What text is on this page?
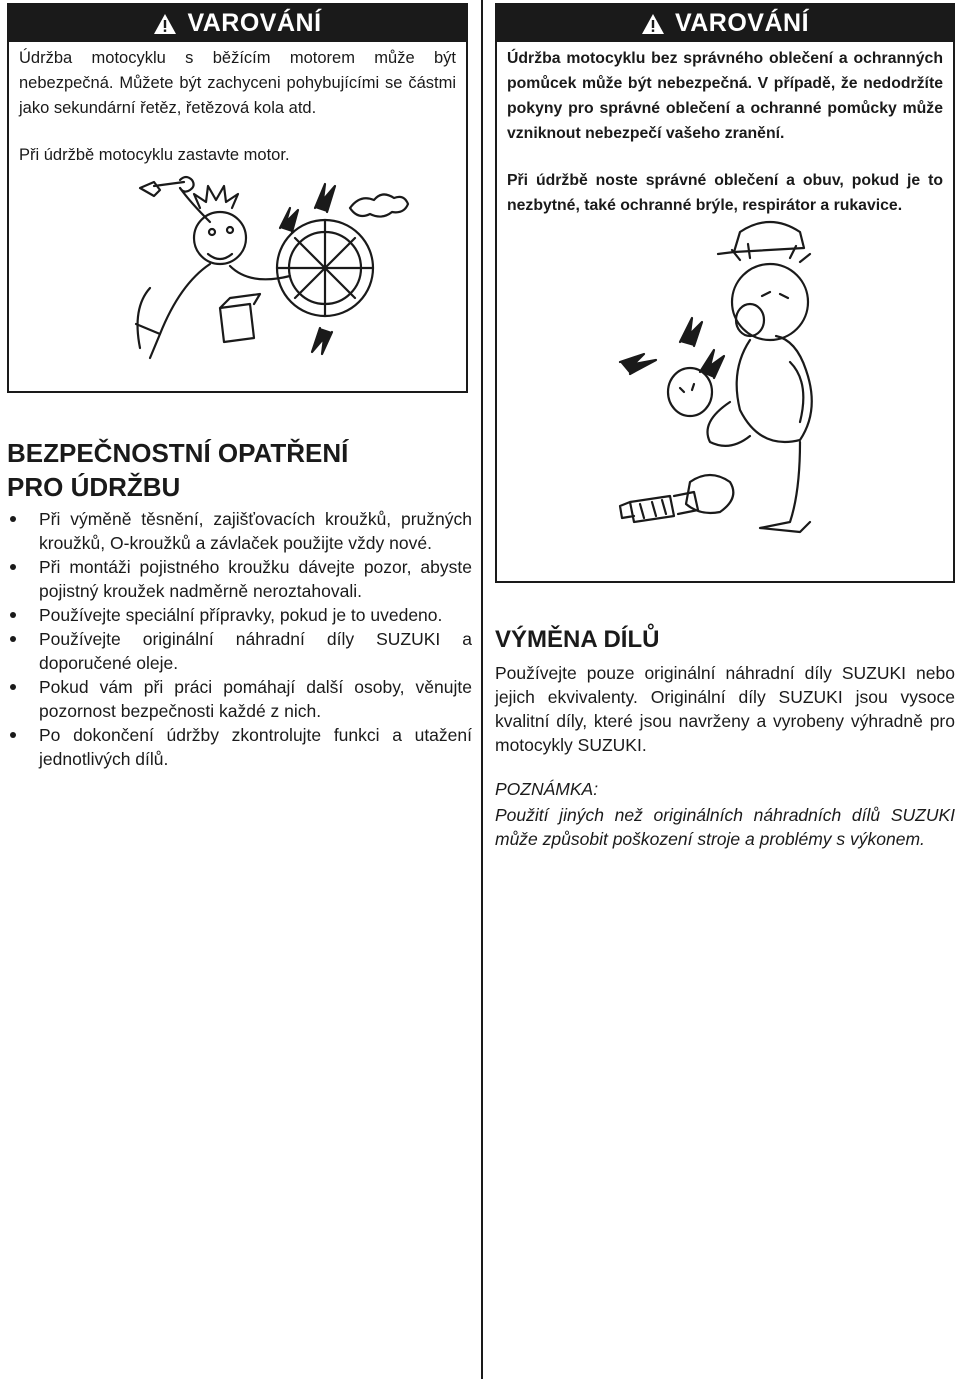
VAROVÁNÍ

Údržba motocyklu s běžícím motorem může být nebezpečná. Můžete být zachyceni pohybujícími se částmi jako sekundární řetěz, řetězová kola atd.

Při údržbě motocyklu zastavte motor.

VAROVÁNÍ

Údržba motocyklu bez správného oblečení a ochranných pomůcek může být nebezpečná. V případě, že nedodržíte pokyny pro správné oblečení a ochranné pomůcky může vzniknout nebezpečí vašeho zranění.

Při údržbě noste správné oblečení a obuv, pokud je to nezbytné, také ochranné brýle, respirátor a rukavice.

BEZPEČNOSTNÍ OPATŘENÍ
PRO ÚDRŽBU
Při výměně těsnění, zajišťovacích kroužků, pružných kroužků, O-kroužků a závlaček použijte vždy nové.
Při montáži pojistného kroužku dávejte pozor, abyste pojistný kroužek nadměrně neroztahovali.
Používejte speciální přípravky, pokud je to uvedeno.
Používejte originální náhradní díly SUZUKI a doporučené oleje.
Pokud vám při práci pomáhají další osoby, věnujte pozornost bezpečnosti každé z nich.
Po dokončení údržby zkontrolujte funkci a utažení jednotlivých dílů.
VÝMĚNA DÍLŮ

Používejte pouze originální náhradní díly SUZUKI nebo jejich ekvivalenty. Originální díly SUZUKI jsou vysoce kvalitní díly, které jsou navrženy a vyrobeny výhradně pro motocykly SUZUKI.

POZNÁMKA:

Použití jiných než originálních náhradních dílů SUZUKI může způsobit poškození stroje a problémy s výkonem.
